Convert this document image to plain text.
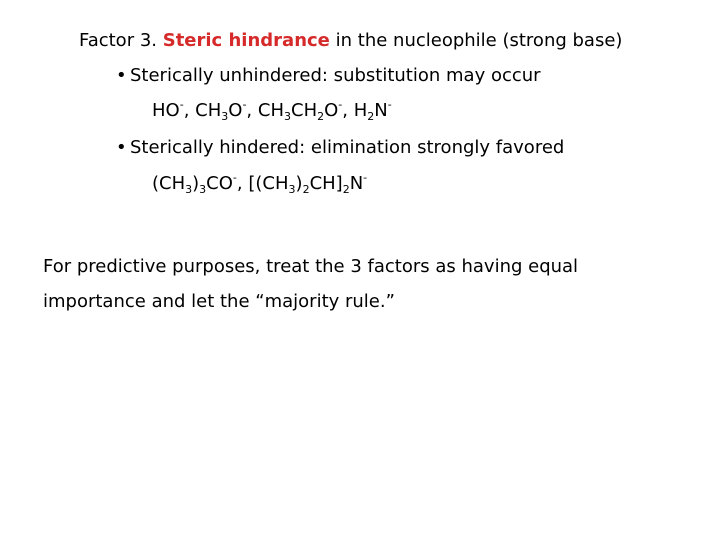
Factor 3. Steric hindrance in the nucleophile (strong base)
• Sterically unhindered: substitution may occur
HO-, $CH_3O^-$, $CH_3CH_2O^-$, $H_2N^-$
• Sterically hindered: elimination strongly favored
$(CH_3)_3CO^-$, $[(CH_3)_2CH]_2N^-$
For predictive purposes, treat the 3 factors as having equal
importance and let the “majority rule.”
